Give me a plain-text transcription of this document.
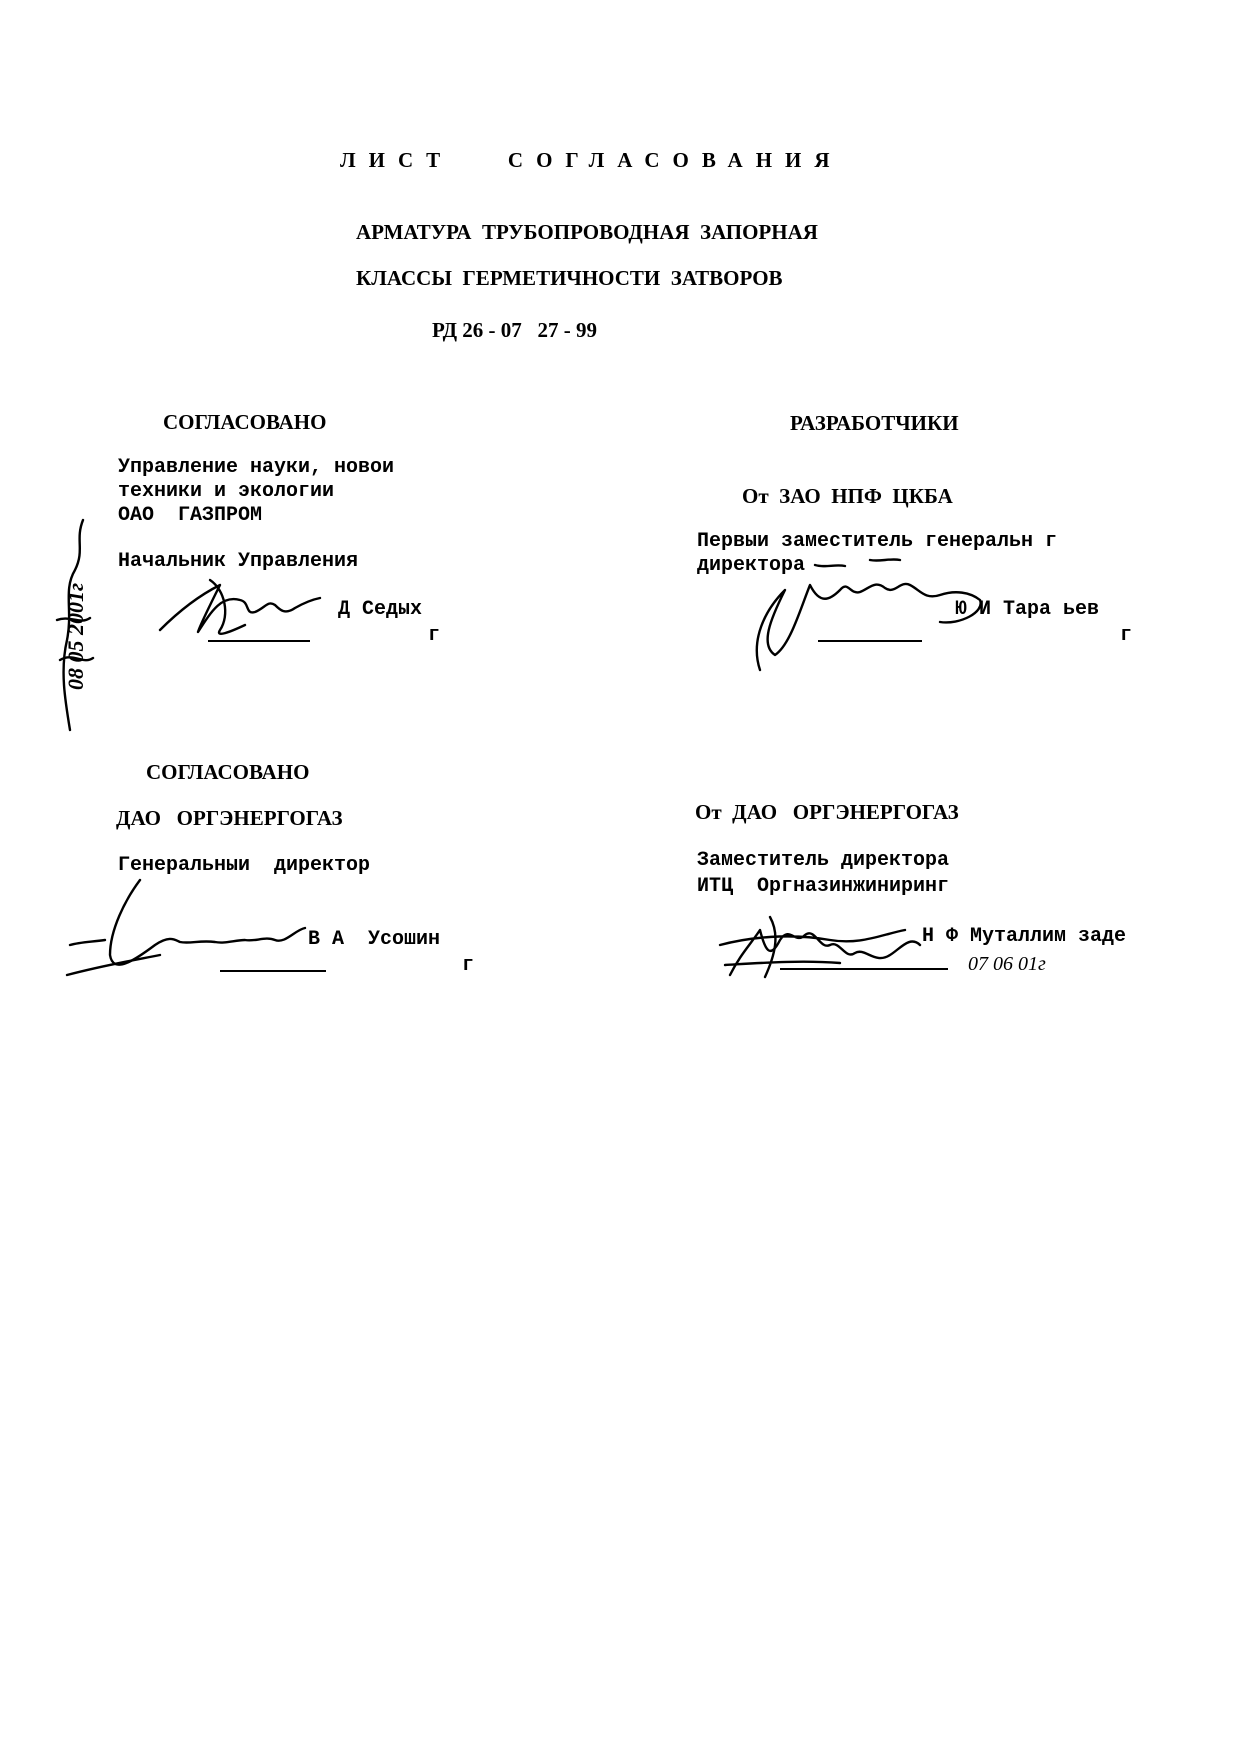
ЛИСТ   СОГЛАСОВАНИЯ
АРМАТУРА  ТРУБОПРОВОДНАЯ  ЗАПОРНАЯ
КЛАССЫ  ГЕРМЕТИЧНОСТИ  ЗАТВОРОВ
РД 26 - 07   27 - 99
СОГЛАСОВАНО
Управление науки, новои
техники и экологии
ОАО  ГАЗПРОМ
Начальник Управления
Д Седых
г
08 05 2001г
РАЗРАБОТЧИКИ
От  ЗАО  НПФ  ЦКБА
Первыи заместитель генеральн г
директора
Ю И Тара ьев
г
СОГЛАСОВАНО
ДАО   ОРГЭНЕРГОГАЗ
Генеральныи  директор
В А  Усошин
г
От  ДАО   ОРГЭНЕРГОГАЗ
Заместитель директора
ИТЦ  Оргназинжиниринг
Н Ф Муталлим заде
07 06 01г
